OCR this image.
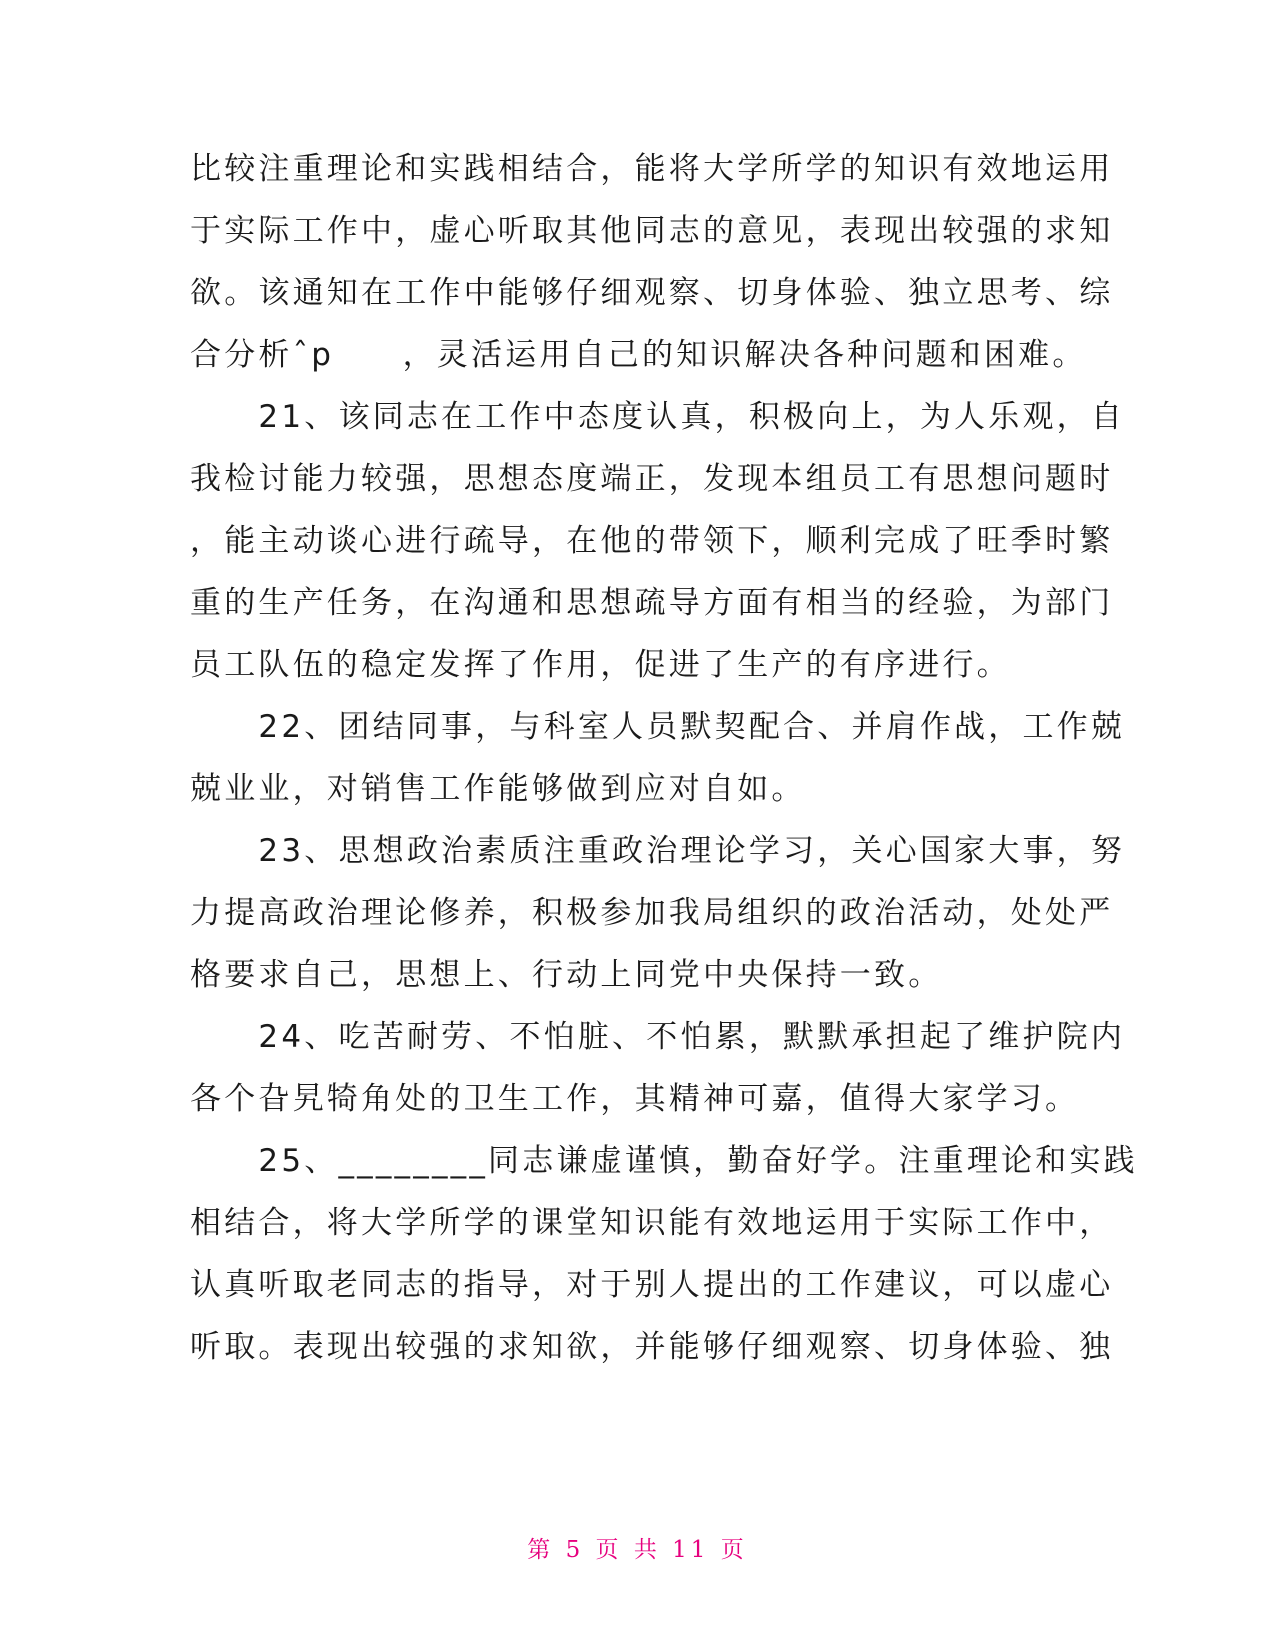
比较注重理论和实践相结合，能将大学所学的知识有效地运用
于实际工作中，虚心听取其他同志的意见，表现出较强的求知
欲。该通知在工作中能够仔细观察、切身体验、独立思考、综
合分析ˆp　　，灵活运用自己的知识解决各种问题和困难。
　　21、该同志在工作中态度认真，积极向上，为人乐观，自
我检讨能力较强，思想态度端正，发现本组员工有思想问题时
，能主动谈心进行疏导，在他的带领下，顺利完成了旺季时繁
重的生产任务，在沟通和思想疏导方面有相当的经验，为部门
员工队伍的稳定发挥了作用，促进了生产的有序进行。
　　22、团结同事，与科室人员默契配合、并肩作战，工作兢
兢业业，对销售工作能够做到应对自如。
　　23、思想政治素质注重政治理论学习，关心国家大事，努
力提高政治理论修养，积极参加我局组织的政治活动，处处严
格要求自己，思想上、行动上同党中央保持一致。
　　24、吃苦耐劳、不怕脏、不怕累，默默承担起了维护院内
各个旮旯犄角处的卫生工作，其精神可嘉，值得大家学习。
　　25、________同志谦虚谨慎，勤奋好学。注重理论和实践
相结合，将大学所学的课堂知识能有效地运用于实际工作中，
认真听取老同志的指导，对于别人提出的工作建议，可以虚心
听取。表现出较强的求知欲，并能够仔细观察、切身体验、独
第 5 页 共 11 页
